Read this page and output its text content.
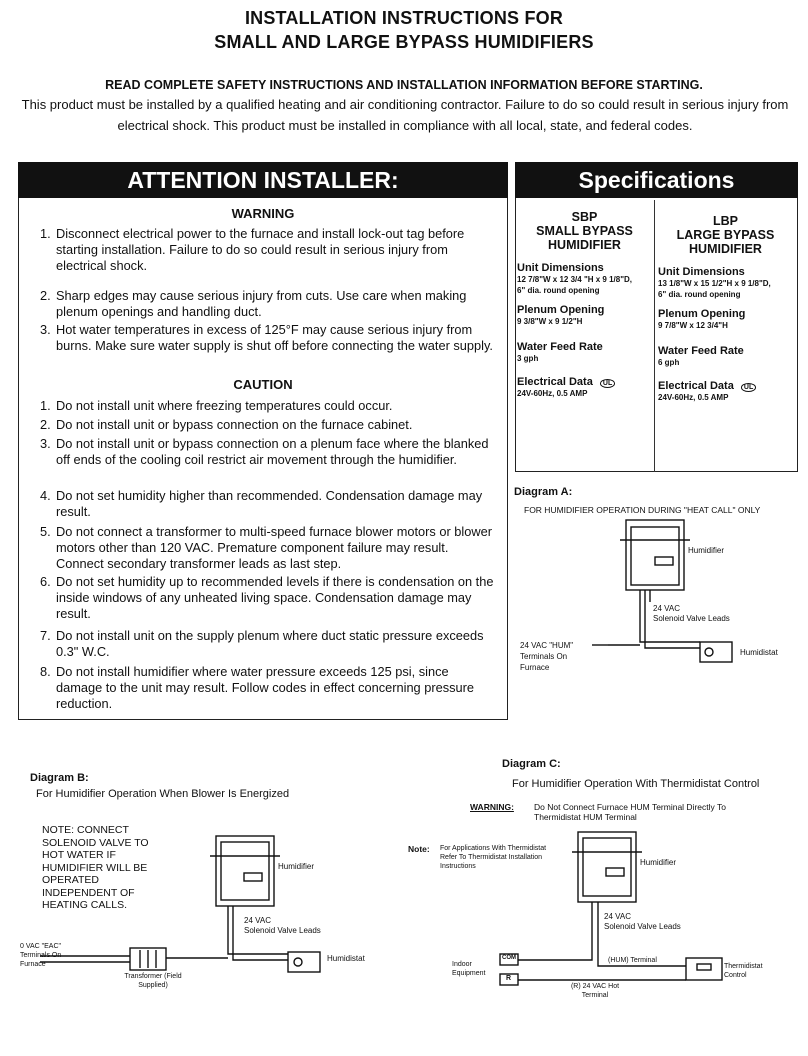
INSTALLATION INSTRUCTIONS FOR
SMALL AND LARGE BYPASS HUMIDIFIERS
READ COMPLETE SAFETY INSTRUCTIONS AND INSTALLATION INFORMATION BEFORE STARTING.
This product must be installed by a qualified heating and air conditioning contractor. Failure to do so could result in serious injury from electrical shock. This product must be installed in compliance with all local, state, and federal codes.
ATTENTION INSTALLER:
WARNING
1. Disconnect electrical power to the furnace and install lock-out tag before starting installation. Failure to do so could result in serious injury from electrical shock.
2. Sharp edges may cause serious injury from cuts. Use care when making plenum openings and handling duct.
3. Hot water temperatures in excess of 125°F may cause serious injury from burns. Make sure water supply is shut off before connecting the water supply.
CAUTION
1. Do not install unit where freezing temperatures could occur.
2. Do not install unit or bypass connection on the furnace cabinet.
3. Do not install unit or bypass connection on a plenum face where the blanked off ends of the cooling coil restrict air movement through the humidifier.
4. Do not set humidity higher than recommended. Condensation damage may result.
5. Do not connect a transformer to multi-speed furnace blower motors or blower motors other than 120 VAC. Premature component failure may result. Connect secondary transformer leads as last step.
6. Do not set humidity up to recommended levels if there is condensation on the inside windows of any unheated living space. Condensation damage may result.
7. Do not install unit on the supply plenum where duct static pressure exceeds 0.3" W.C.
8. Do not install humidifier where water pressure exceeds 125 psi, since damage to the unit may result. Follow codes in effect concerning pressure reduction.
Specifications
SBP
SMALL BYPASS HUMIDIFIER
Unit Dimensions
12 7/8"W x 12 3/4 "H x 9 1/8"D,
6" dia. round opening
Plenum Opening
9 3/8"W x 9 1/2"H
Water Feed Rate
3 gph
Electrical Data UL
24V-60Hz, 0.5 AMP
LBP
LARGE BYPASS HUMIDIFIER
Unit Dimensions
13 1/8"W x 15 1/2"H x 9 1/8"D,
6" dia. round opening
Plenum Opening
9 7/8"W x 12 3/4"H
Water Feed Rate
6 gph
Electrical Data UL
24V-60Hz, 0.5 AMP
Diagram A:
FOR HUMIDIFIER OPERATION DURING "HEAT CALL" ONLY
Humidifier
24 VAC
Solenoid Valve Leads
24 VAC "HUM" Terminals On Furnace
Humidistat
Diagram B:
For Humidifier Operation When Blower Is Energized
NOTE: CONNECT SOLENOID VALVE TO HOT WATER IF HUMIDIFIER WILL BE OPERATED INDEPENDENT OF HEATING CALLS.
Humidifier
24 VAC
Solenoid Valve Leads
Humidistat
0 VAC "EAC" Terminals On Furnace
Transformer (Field Supplied)
Diagram C:
For Humidifier Operation With Thermidistat Control
WARNING: Do Not Connect Furnace HUM Terminal Directly To Thermidistat HUM Terminal
Note: For Applications With Thermidistat Refer To Thermidistat Installation Instructions	Humidifier
24 VAC
Solenoid Valve Leads
Indoor Equipment
COM
R
(HUM) Terminal
(R) 24 VAC Hot Terminal
Thermidistat Control
